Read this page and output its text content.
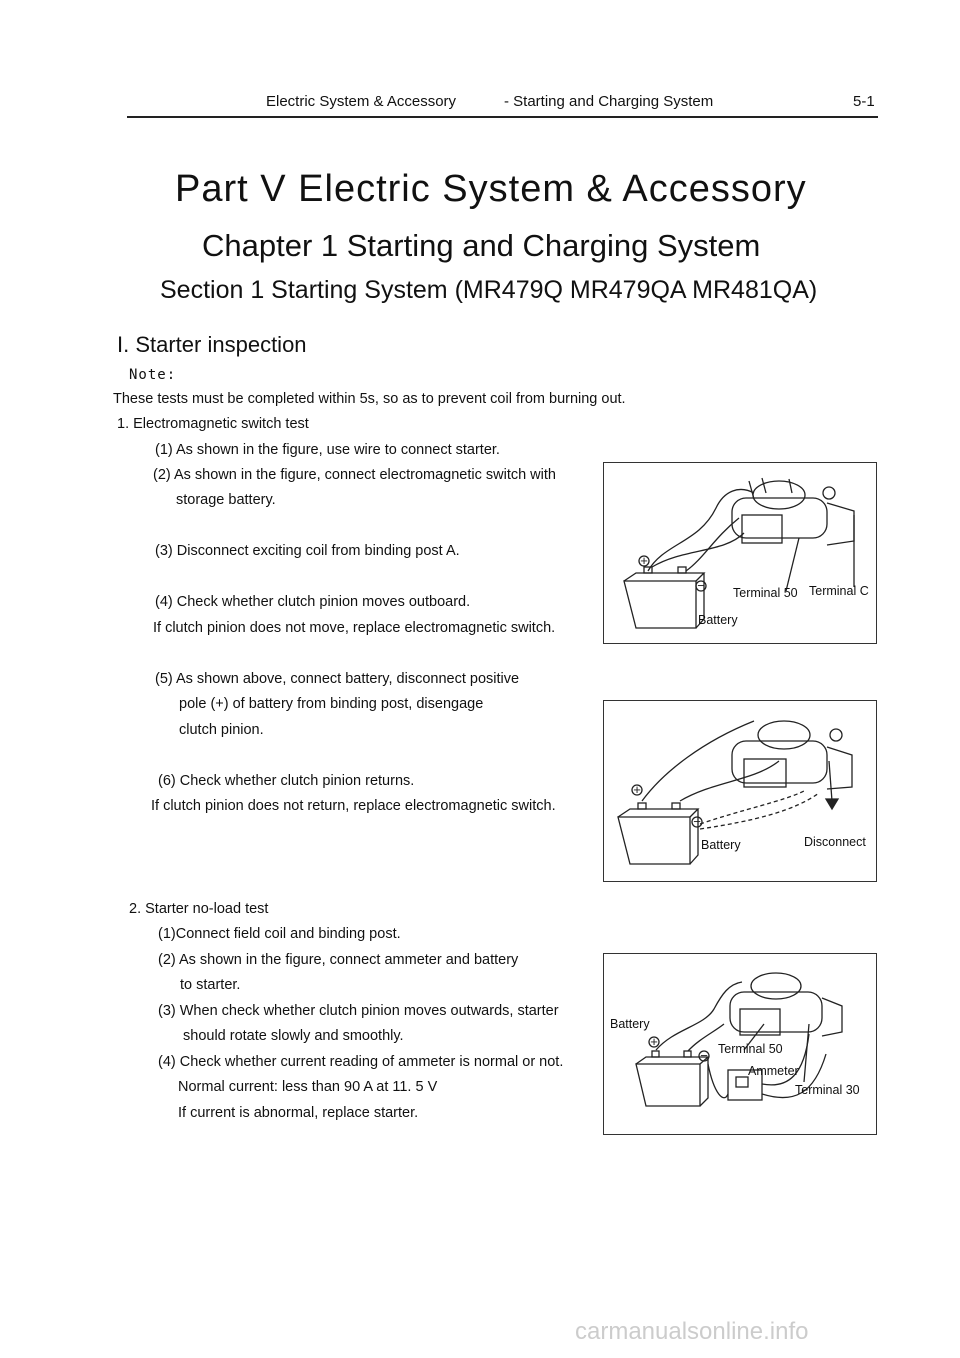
Electric System & Accessory	- Starting and Charging System	5-1
Part V Electric System & Accessory
Chapter 1 Starting and Charging System
Section 1 Starting System (MR479Q MR479QA MR481QA)
I. Starter inspection
Note:
These tests must be completed within 5s, so as to prevent coil from burning out.
1. Electromagnetic switch test
(1) As shown in the figure, use wire to connect starter.
(2) As shown in the figure, connect electromagnetic switch with
storage battery.
(3) Disconnect exciting coil from binding post A.
(4) Check whether clutch pinion moves outboard.
If clutch pinion does not move, replace electromagnetic switch.
(5) As shown above, connect battery, disconnect positive
pole (+) of battery from binding post, disengage
clutch pinion.
(6) Check whether clutch pinion returns.
If clutch pinion does not return, replace electromagnetic switch.
2. Starter no-load test
(1)Connect field coil and binding post.
(2) As shown in the figure, connect ammeter and battery
to starter.
(3) When check whether clutch pinion moves outwards, starter
should rotate slowly and smoothly.
(4) Check whether current reading of ammeter is normal or not.
Normal current: less than 90 A at 11. 5 V
If current is abnormal, replace starter.
+
−
Battery
Terminal 50 Terminal C
+
−
Battery	Disconnect
+
−
Battery
Terminal 50
Ammeter
Terminal 30
carmanualsonline.info
